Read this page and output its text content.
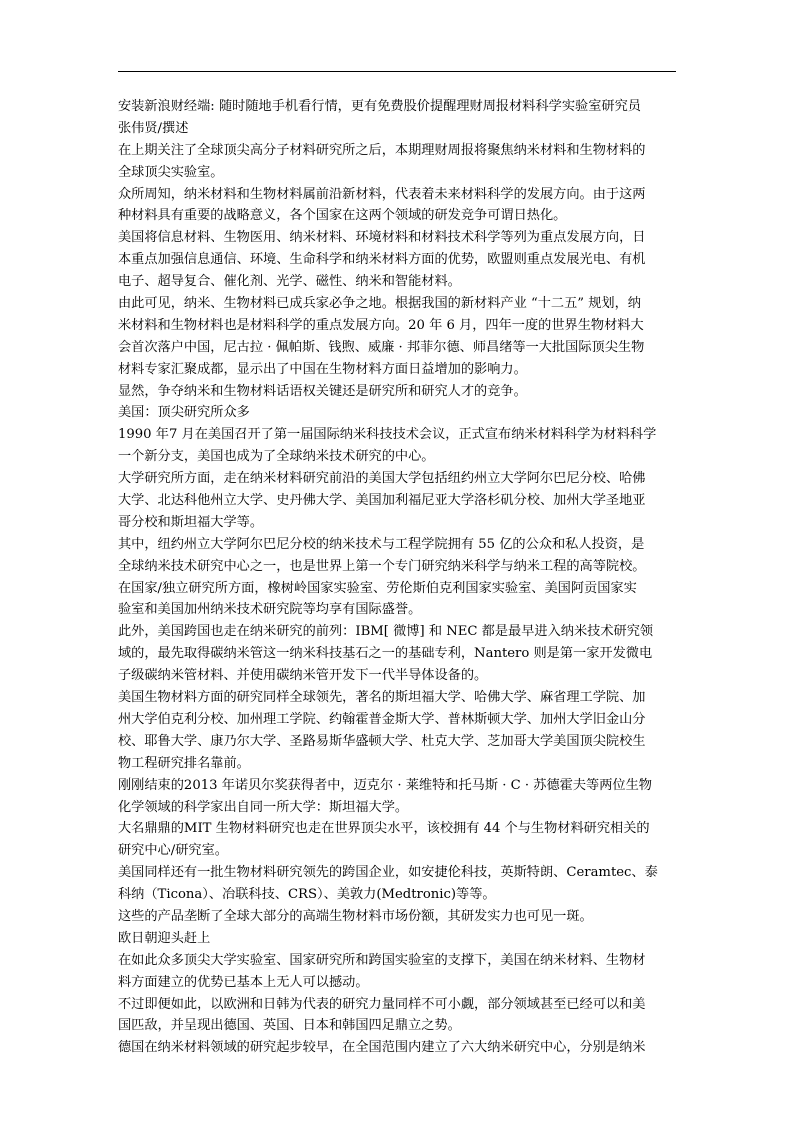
安装新浪财经端: 随时随地手机看行情，更有免费股价提醒理财周报材料科学实验室研究员
张伟贤/撰述
在上期关注了全球顶尖高分子材料研究所之后，本期理财周报将聚焦纳米材料和生物材料的
全球顶尖实验室。
众所周知，纳米材料和生物材料属前沿新材料，代表着未来材料科学的发展方向。由于这两
种材料具有重要的战略意义，各个国家在这两个领域的研发竞争可谓日热化。
美国将信息材料、生物医用、纳米材料、环境材料和材料技术科学等列为重点发展方向，日
本重点加强信息通信、环境、生命科学和纳米材料方面的优势，欧盟则重点发展光电、有机
电子、超导复合、催化剂、光学、磁性、纳米和智能材料。
由此可见，纳米、生物材料已成兵家必争之地。根据我国的新材料产业 “十二五” 规划，纳
米材料和生物材料也是材料科学的重点发展方向。20 年 6 月，四年一度的世界生物材料大
会首次落户中国，尼古拉 · 佩帕斯、钱煦、威廉 · 邦菲尔德、师昌绪等一大批国际顶尖生物
材料专家汇聚成都，显示出了中国在生物材料方面日益增加的影响力。
显然，争夺纳米和生物材料话语权关键还是研究所和研究人才的竞争。
美国：顶尖研究所众多
1990 年7 月在美国召开了第一届国际纳米科技技术会议，正式宣布纳米材料科学为材料科学
一个新分支，美国也成为了全球纳米技术研究的中心。
大学研究所方面，走在纳米材料研究前沿的美国大学包括纽约州立大学阿尔巴尼分校、哈佛
大学、北达科他州立大学、史丹佛大学、美国加利福尼亚大学洛杉矶分校、加州大学圣地亚
哥分校和斯坦福大学等。
其中，纽约州立大学阿尔巴尼分校的纳米技术与工程学院拥有 55 亿的公众和私人投资，是
全球纳米技术研究中心之一，也是世界上第一个专门研究纳米科学与纳米工程的高等院校。
在国家/独立研究所方面，橡树岭国家实验室、劳伦斯伯克利国家实验室、美国阿贡国家实
验室和美国加州纳米技术研究院等均享有国际盛誉。
此外，美国跨国也走在纳米研究的前列：IBM[ 微博] 和 NEC 都是最早进入纳米技术研究领
域的，最先取得碳纳米管这一纳米科技基石之一的基础专利，Nantero 则是第一家开发微电
子级碳纳米管材料、并使用碳纳米管开发下一代半导体设备的。
美国生物材料方面的研究同样全球领先，著名的斯坦福大学、哈佛大学、麻省理工学院、加
州大学伯克利分校、加州理工学院、约翰霍普金斯大学、普林斯顿大学、加州大学旧金山分
校、耶鲁大学、康乃尔大学、圣路易斯华盛顿大学、杜克大学、芝加哥大学美国顶尖院校生
物工程研究排名靠前。
刚刚结束的2013 年诺贝尔奖获得者中，迈克尔 · 莱维特和托马斯 · C · 苏德霍夫等两位生物
化学领域的科学家出自同一所大学：斯坦福大学。
大名鼎鼎的MIT 生物材料研究也走在世界顶尖水平，该校拥有 44 个与生物材料研究相关的
研究中心/研究室。
美国同样还有一批生物材料研究领先的跨国企业，如安捷伦科技，英斯特朗、Ceramtec、泰
科纳（Ticona）、冶联科技、CRS）、美敦力(Medtronic)等等。
这些的产品垄断了全球大部分的高端生物材料市场份额，其研发实力也可见一斑。
欧日朝迎头赶上
在如此众多顶尖大学实验室、国家研究所和跨国实验室的支撑下，美国在纳米材料、生物材
料方面建立的优势已基本上无人可以撼动。
不过即便如此，以欧洲和日韩为代表的研究力量同样不可小觑，部分领域甚至已经可以和美
国匹敌，并呈现出德国、英国、日本和韩国四足鼎立之势。
德国在纳米材料领域的研究起步较早，在全国范围内建立了六大纳米研究中心，分别是纳米
